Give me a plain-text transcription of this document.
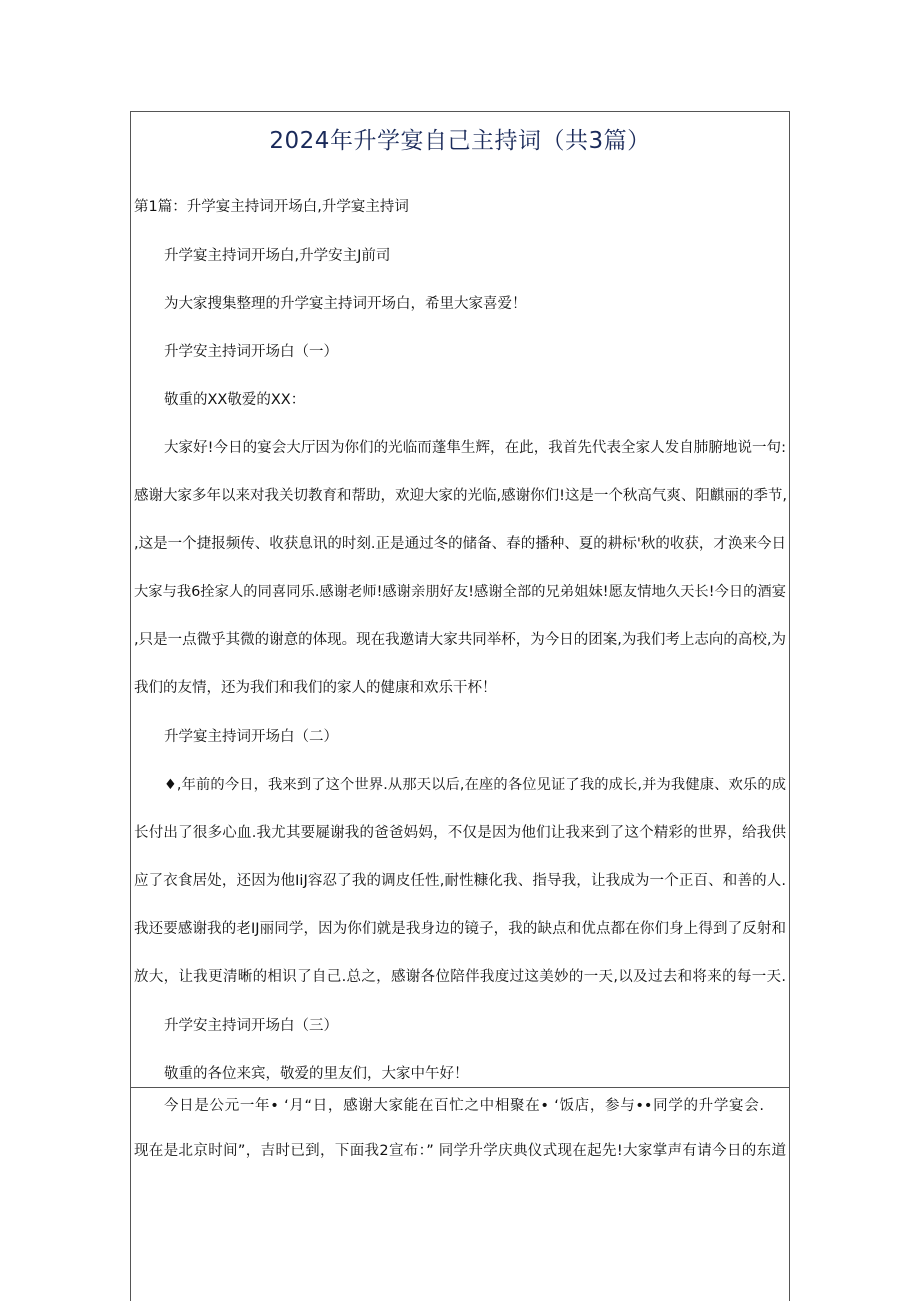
2024年升学宴自己主持词（共3篇）
第1篇：升学宴主持词开场白,升学宴主持词
升学宴主持词开场白,升学安主J前司
为大家搜集整理的升学宴主持词开场白，希里大家喜爱！
升学安主持词开场白（一）
敬重的XX敬爱的XX：
大家好!今日的宴会大厅因为你们的光临而蓬隼生辉，在此，我首先代表全家人发自肺腑地说一句:
感谢大家多年以来对我关切教育和帮助，欢迎大家的光临,感谢你们!这是一个秋高气爽、阳麒丽的季节,
,这是一个捷报频传、收获息讯的时刻.正是通过冬的储备、春的播种、夏的耕标'秋的收获，才涣来今日
大家与我6拴家人的同喜同乐.感谢老师!感谢亲朋好友!感谢全部的兄弟姐妹!愿友情地久天长!今日的酒宴
,只是一点微乎其微的谢意的体现。现在我邀请大家共同举杯，为今日的团案,为我们考上志向的高校,为
我们的友情，还为我们和我们的家人的健康和欢乐干杯！
升学宴主持词开场白（二）
♦,年前的今日，我来到了这个世界.从那天以后,在座的各位见证了我的成长,并为我健康、欢乐的成
长付出了很多心血.我尤其要屣谢我的爸爸妈妈，不仅是因为他们让我来到了这个精彩的世界，给我供
应了衣食居处，还因为他IiJ容忍了我的调皮任性,耐性糠化我、指导我，让我成为一个正百、和善的人.
我还要感谢我的老IJ丽同学，因为你们就是我身边的镜子，我的缺点和优点都在你们身上得到了反射和
放大，让我更清晰的相识了自己.总之，感谢各位陪伴我度过这美妙的一天,以及过去和将来的每一天.
升学安主持词开场白（三）
敬重的各位来宾，敬爱的里友们，大家中午好！
今日是公元一年• ‘月“日，感谢大家能在百忙之中相聚在• ‘饭店，参与••同学的升学宴会.
现在是北京时间”，吉时已到，下面我2宣布：” 同学升学庆典仪式现在起先!大家掌声有请今日的东道
